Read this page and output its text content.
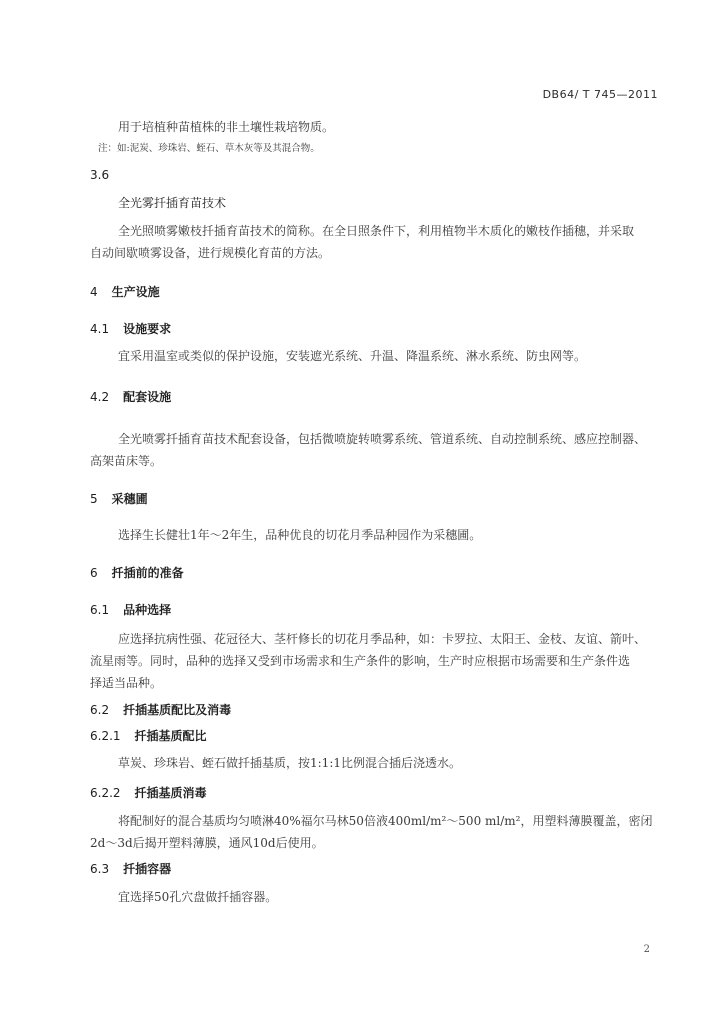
DB64/ T 745—2011
用于培植种苗植株的非土壤性栽培物质。
注：如:泥炭、珍珠岩、蛭石、草木灰等及其混合物。
3.6
全光雾扦插育苗技术
全光照喷雾嫩枝扦插育苗技术的简称。在全日照条件下，利用植物半木质化的嫩枝作插穗，并采取
自动间歇喷雾设备，进行规模化育苗的方法。
4 生产设施
4.1 设施要求
宜采用温室或类似的保护设施，安装遮光系统、升温、降温系统、淋水系统、防虫网等。
4.2 配套设施
全光喷雾扦插育苗技术配套设备，包括微喷旋转喷雾系统、管道系统、自动控制系统、感应控制器、
高架苗床等。
5 采穗圃
选择生长健壮1年～2年生，品种优良的切花月季品种园作为采穗圃。
6 扦插前的准备
6.1 品种选择
应选择抗病性强、花冠径大、茎杆修长的切花月季品种，如：卡罗拉、太阳王、金枝、友谊、箭叶、
流星雨等。同时，品种的选择又受到市场需求和生产条件的影响，生产时应根据市场需要和生产条件选
择适当品种。
6.2 扦插基质配比及消毒
6.2.1 扦插基质配比
草炭、珍珠岩、蛭石做扦插基质，按1:1:1比例混合插后浇透水。
6.2.2 扦插基质消毒
将配制好的混合基质均匀喷淋40%福尔马林50倍液400ml/m²～500 ml/m²，用塑料薄膜覆盖，密闭
2d～3d后揭开塑料薄膜，通风10d后使用。
6.3 扦插容器
宜选择50孔穴盘做扦插容器。
2
